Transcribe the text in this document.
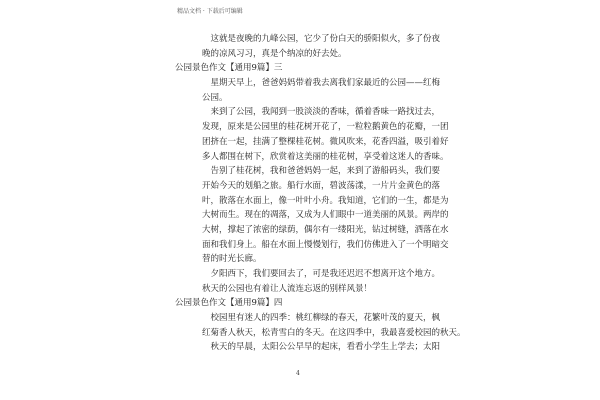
精品文档 · 下载后可编辑
这就是夜晚的九峰公园，它少了份白天的骄阳似火，多了份夜
晚的凉风习习，真是个纳凉的好去处。
公园景色作文【通用9篇】三
星期天早上，爸爸妈妈带着我去离我们家最近的公园——红梅
公园。
来到了公园，我闻到一股淡淡的香味，循着香味一路找过去，
发现，原来是公园里的桂花树开花了，一粒粒鹅黄色的花瓣，一团
团挤在一起，挂满了整棵桂花树。微风吹来，花香四溢，吸引着好
多人都围在树下，欣赏着这美丽的桂花树，享受着这迷人的香味。
告别了桂花树，我和爸爸妈妈一起，来到了游船码头，我们要
开始今天的划船之旅。船行水面，碧波荡漾，一片片金黄色的落
叶，散落在水面上，像一叶叶小舟。我知道，它们的一生，都是为
大树而生。现在的凋落，又成为人们眼中一道美丽的风景。两岸的
大树，撑起了浓密的绿荫，偶尔有一缕阳光，钻过树缝，洒落在水
面和我们身上。船在水面上慢慢划行，我们仿佛进入了一个明暗交
替的时光长廊。
夕阳西下，我们要回去了，可是我还迟迟不想离开这个地方。
秋天的公园也有着让人流连忘返的别样风景！
公园景色作文【通用9篇】四
校园里有迷人的四季：桃红柳绿的春天，花繁叶茂的夏天，枫
红菊香人秋天，松青雪白的冬天。在这四季中，我最喜爱校园的秋天。
秋天的早晨，太阳公公早早的起床，看看小学生上学去；太阳
4
